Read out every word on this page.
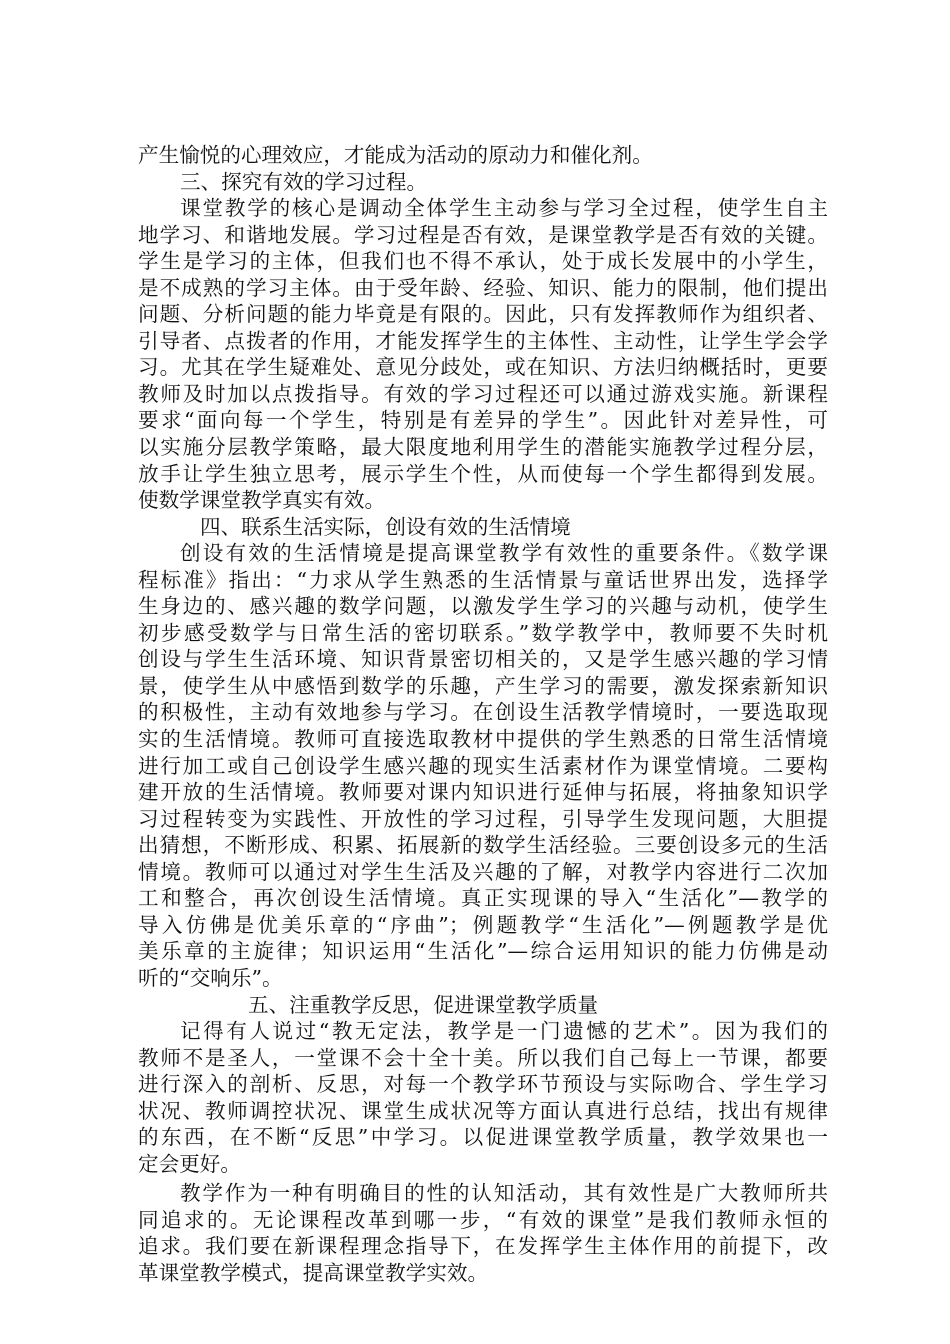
产生愉悦的心理效应，才能成为活动的原动力和催化剂。
三、探究有效的学习过程。
课堂教学的核心是调动全体学生主动参与学习全过程，使学生自主
地学习、和谐地发展。学习过程是否有效，是课堂教学是否有效的关键。
学生是学习的主体，但我们也不得不承认，处于成长发展中的小学生，
是不成熟的学习主体。由于受年龄、经验、知识、能力的限制，他们提出
问题、分析问题的能力毕竟是有限的。因此，只有发挥教师作为组织者、
引导者、点拨者的作用，才能发挥学生的主体性、主动性，让学生学会学
习。尤其在学生疑难处、意见分歧处，或在知识、方法归纳概括时，更要
教师及时加以点拨指导。有效的学习过程还可以通过游戏实施。新课程
要求“面向每一个学生，特别是有差异的学生”。因此针对差异性，可
以实施分层教学策略，最大限度地利用学生的潜能实施教学过程分层，
放手让学生独立思考，展示学生个性，从而使每一个学生都得到发展。
使数学课堂教学真实有效。
四、联系生活实际，创设有效的生活情境
创设有效的生活情境是提高课堂教学有效性的重要条件。《数学课
程标准》指出：“力求从学生熟悉的生活情景与童话世界出发，选择学
生身边的、感兴趣的数学问题，以激发学生学习的兴趣与动机，使学生
初步感受数学与日常生活的密切联系。”数学教学中，教师要不失时机
创设与学生生活环境、知识背景密切相关的，又是学生感兴趣的学习情
景，使学生从中感悟到数学的乐趣，产生学习的需要，激发探索新知识
的积极性，主动有效地参与学习。在创设生活教学情境时，一要选取现
实的生活情境。教师可直接选取教材中提供的学生熟悉的日常生活情境
进行加工或自己创设学生感兴趣的现实生活素材作为课堂情境。二要构
建开放的生活情境。教师要对课内知识进行延伸与拓展，将抽象知识学
习过程转变为实践性、开放性的学习过程，引导学生发现问题，大胆提
出猜想，不断形成、积累、拓展新的数学生活经验。三要创设多元的生活
情境。教师可以通过对学生生活及兴趣的了解，对教学内容进行二次加
工和整合，再次创设生活情境。真正实现课的导入“生活化”—教学的
导入仿佛是优美乐章的“序曲”；例题教学“生活化”—例题教学是优
美乐章的主旋律；知识运用“生活化”—综合运用知识的能力仿佛是动
听的“交响乐”。
五、注重教学反思，促进课堂教学质量
记得有人说过“教无定法，教学是一门遗憾的艺术”。因为我们的
教师不是圣人，一堂课不会十全十美。所以我们自己每上一节课，都要
进行深入的剖析、反思，对每一个教学环节预设与实际吻合、学生学习
状况、教师调控状况、课堂生成状况等方面认真进行总结，找出有规律
的东西，在不断“反思”中学习。以促进课堂教学质量，教学效果也一
定会更好。
教学作为一种有明确目的性的认知活动，其有效性是广大教师所共
同追求的。无论课程改革到哪一步，“有效的课堂”是我们教师永恒的
追求。我们要在新课程理念指导下，在发挥学生主体作用的前提下，改
革课堂教学模式，提高课堂教学实效。
